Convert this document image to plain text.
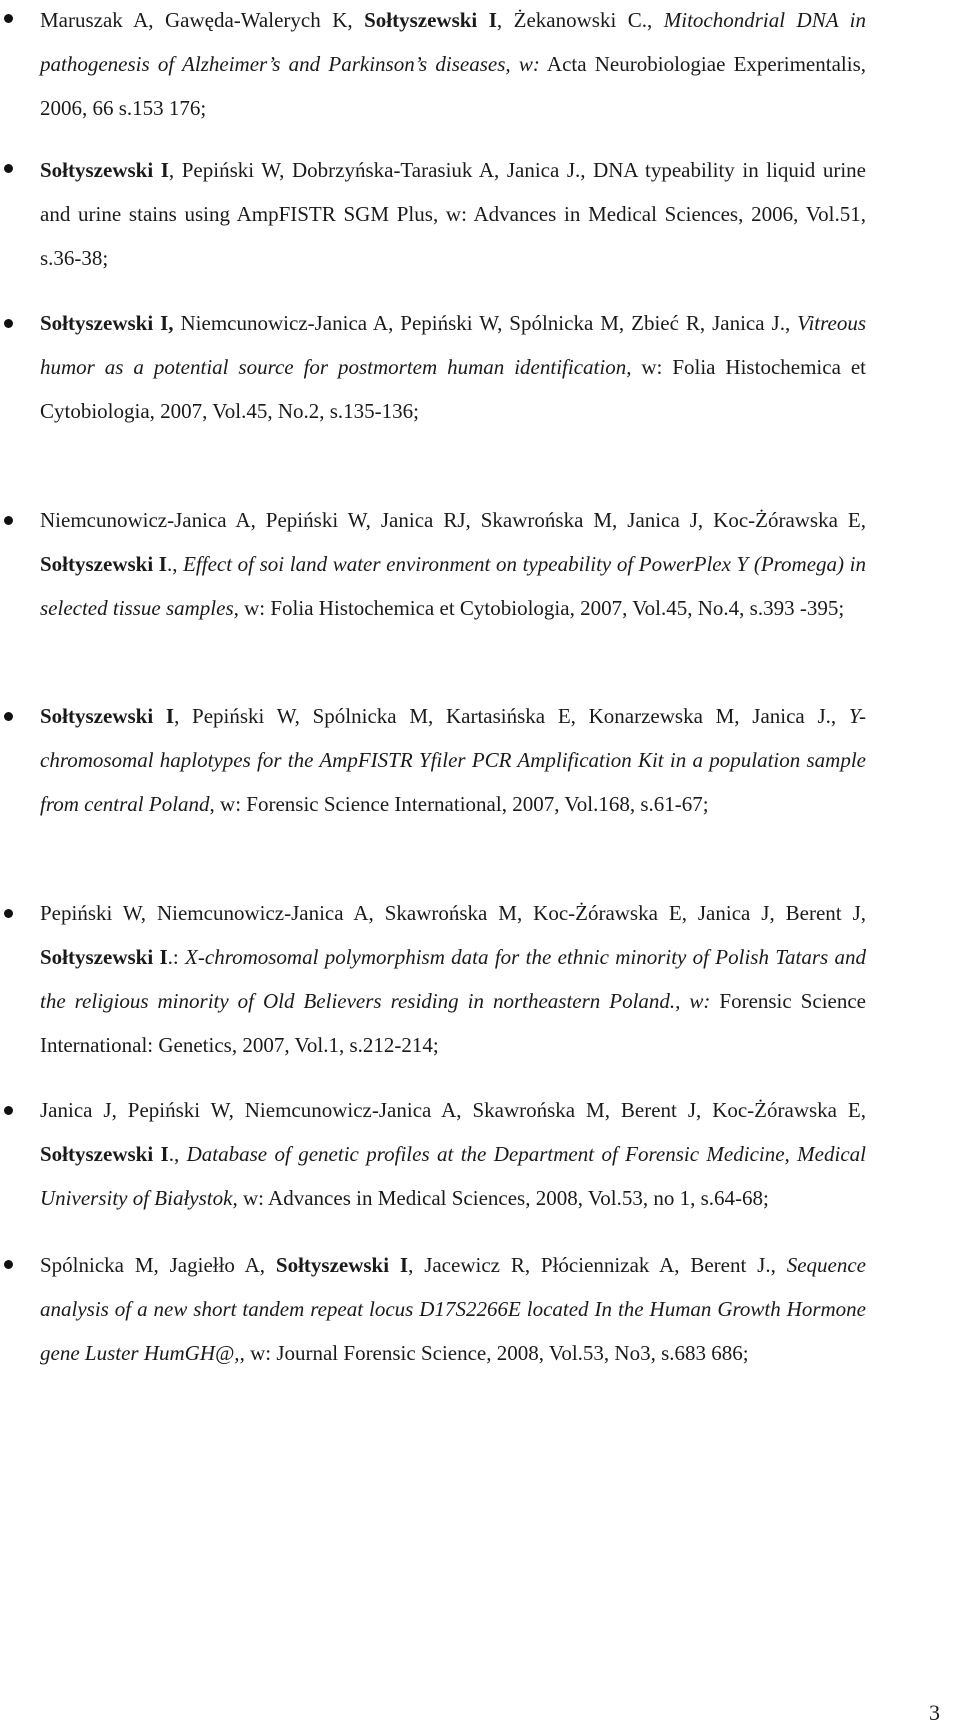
Maruszak A, Gawęda-Walerych K, Sołtyszewski I, Żekanowski C., Mitochondrial DNA in pathogenesis of Alzheimer’s and Parkinson’s diseases, w: Acta Neurobiologiae Experimentalis, 2006, 66 s.153 176;
Sołtyszewski I, Pepiński W, Dobrzyńska-Tarasiuk A, Janica J., DNA typeability in liquid urine and urine stains using AmpFISTR SGM Plus, w: Advances in Medical Sciences, 2006, Vol.51, s.36-38;
Sołtyszewski I, Niemcunowicz-Janica A, Pepiński W, Spólnicka M, Zbieć R, Janica J., Vitreous humor as a potential source for postmortem human identification, w: Folia Histochemica et Cytobiologia, 2007, Vol.45, No.2, s.135-136;
Niemcunowicz-Janica A, Pepiński W, Janica RJ, Skawrońska M, Janica J, Koc-Żórawska E, Sołtyszewski I., Effect of soi land water environment on typeability of PowerPlex Y (Promega) in selected tissue samples, w: Folia Histochemica et Cytobiologia, 2007, Vol.45, No.4, s.393 -395;
Sołtyszewski I, Pepiński W, Spólnicka M, Kartasińska E, Konarzewska M, Janica J., Y-chromosomal haplotypes for the AmpFISTR Yfiler PCR Amplification Kit in a population sample from central Poland, w: Forensic Science International, 2007, Vol.168, s.61-67;
Pepiński W, Niemcunowicz-Janica A, Skawrońska M, Koc-Żórawska E, Janica J, Berent J, Sołtyszewski I.: X-chromosomal polymorphism data for the ethnic minority of Polish Tatars and the religious minority of Old Believers residing in northeastern Poland., w: Forensic Science International: Genetics, 2007, Vol.1, s.212-214;
Janica J, Pepiński W, Niemcunowicz-Janica A, Skawrońska M, Berent J, Koc-Żórawska E, Sołtyszewski I., Database of genetic profiles at the Department of Forensic Medicine, Medical University of Białystok, w: Advances in Medical Sciences, 2008, Vol.53, no 1, s.64-68;
Spólnicka M, Jagiełło A, Sołtyszewski I, Jacewicz R, Płóciennizak A, Berent J., Sequence analysis of a new short tandem repeat locus D17S2266E located In the Human Growth Hormone gene Luster HumGH@,, w: Journal Forensic Science, 2008, Vol.53, No3, s.683 686;
3
